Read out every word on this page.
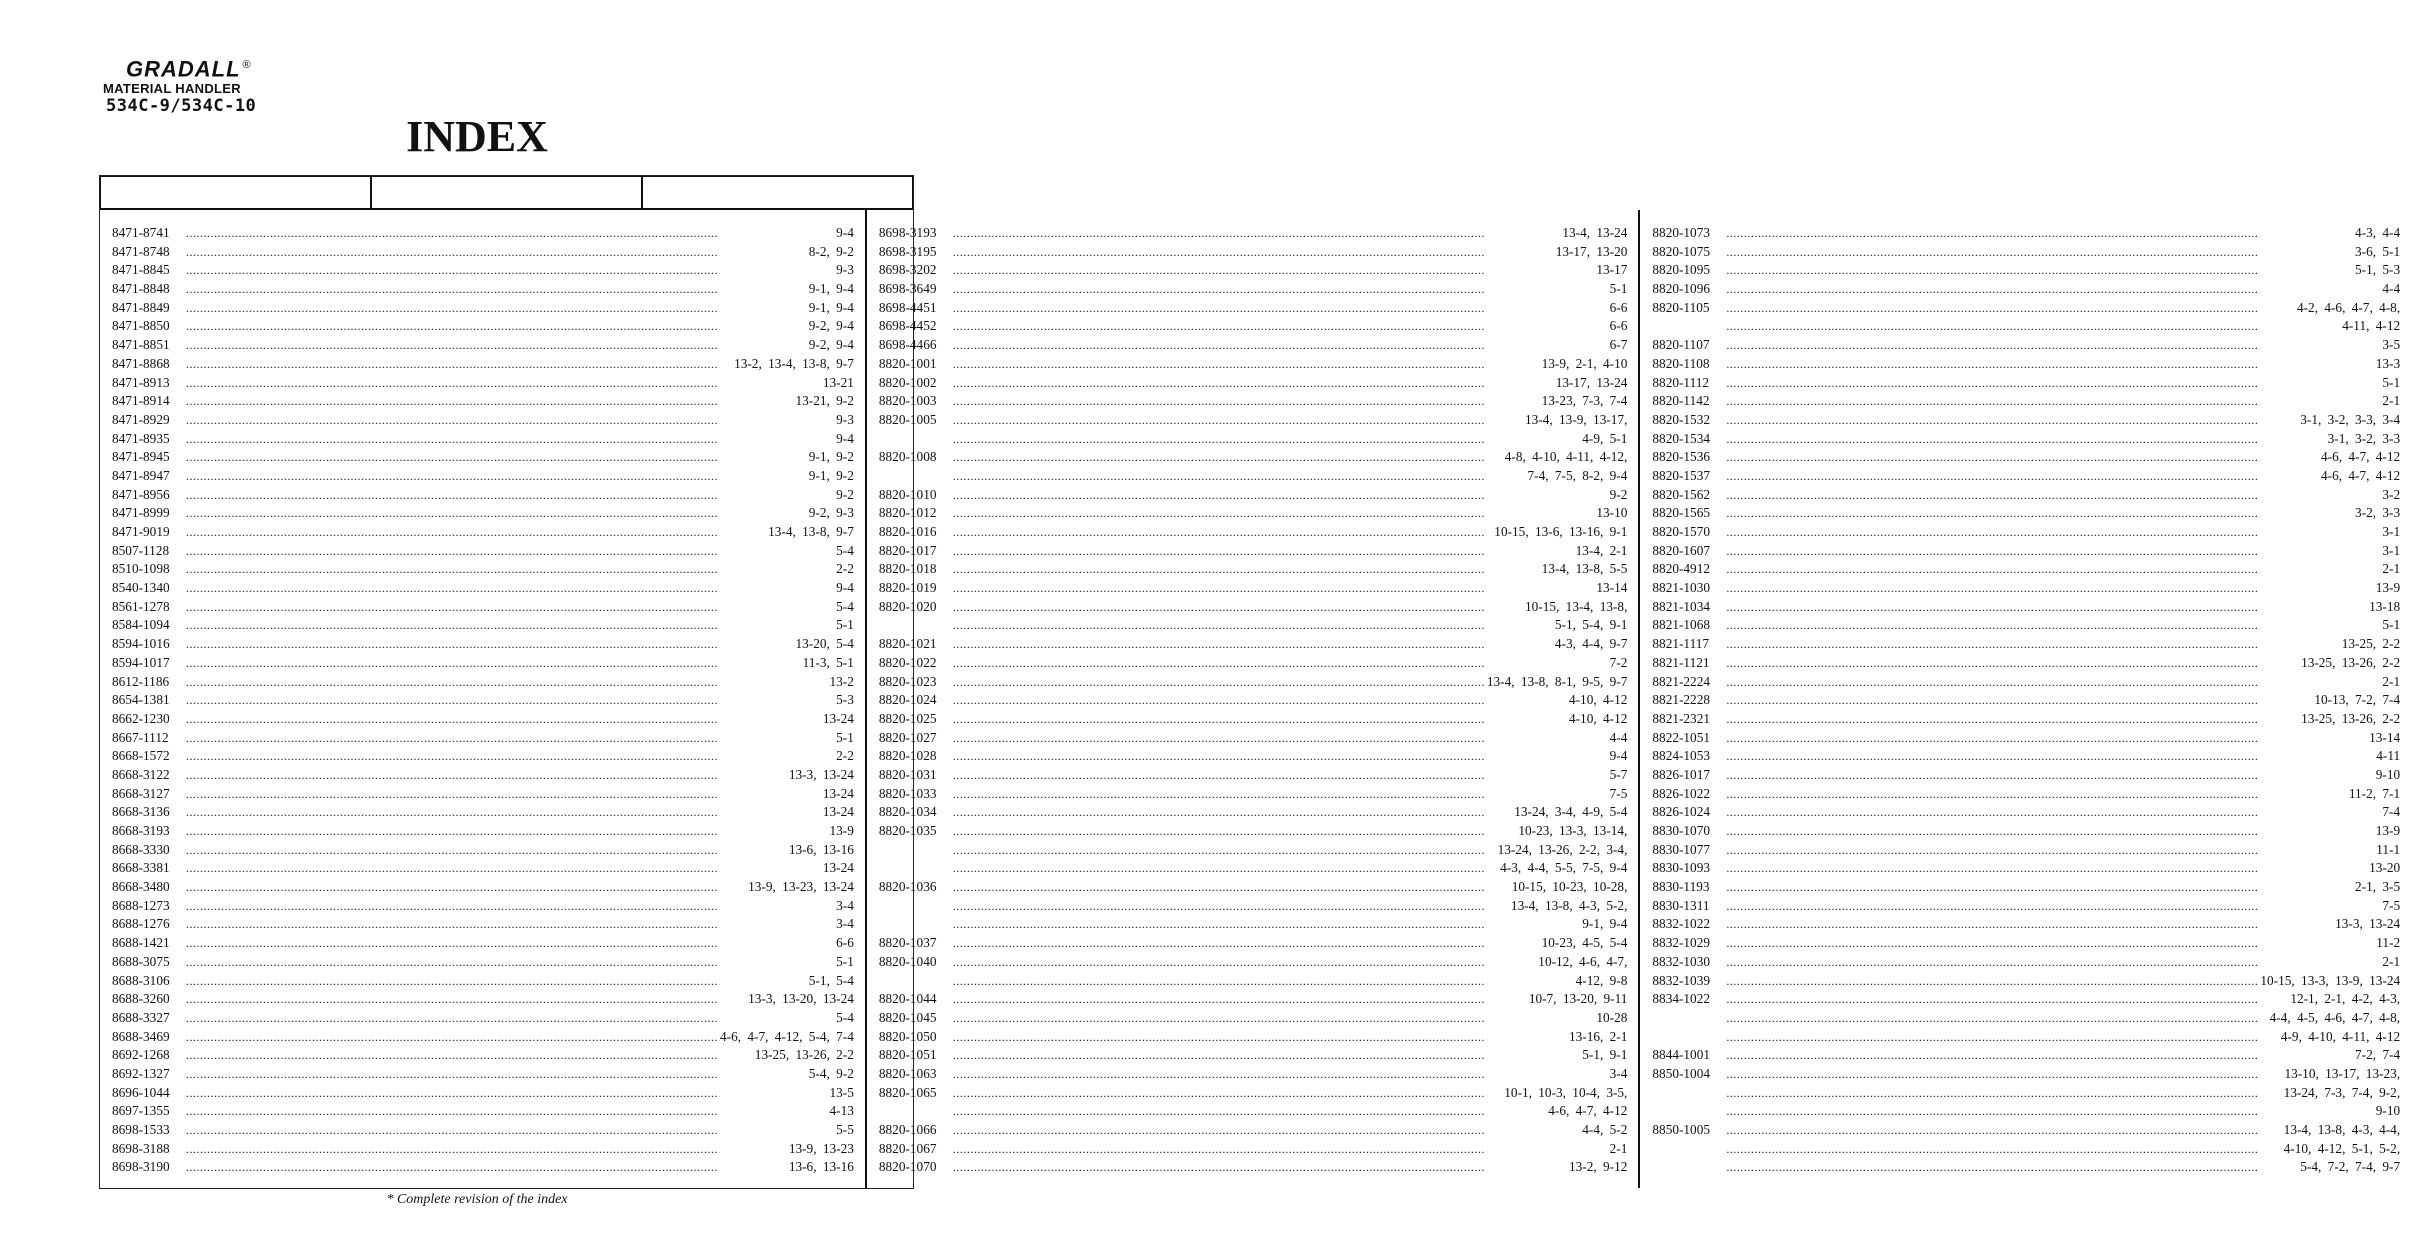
GRADALL ®
MATERIAL HANDLER
534C-9/534C-10
INDEX
8471-8741 .....	9-4
8471-8748 .....	8-2, 9-2
8471-8845 .....	9-3
8471-8848 .....	9-1, 9-4
8471-8849 .....	9-1, 9-4
8471-8850 .....	9-2, 9-4
8471-8851 .....	9-2, 9-4
8471-8868 .....	13-2, 13-4, 13-8, 9-7
8471-8913 .....	13-21
8471-8914 .....	13-21, 9-2
8471-8929 .....	9-3
8471-8935 .....	9-4
8471-8945 .....	9-1, 9-2
8471-8947 .....	9-1, 9-2
8471-8956 .....	9-2
8471-8999 .....	9-2, 9-3
8471-9019 .....	13-4, 13-8, 9-7
8507-1128 .....	5-4
8510-1098 .....	2-2
8540-1340 .....	9-4
8561-1278 .....	5-4
8584-1094 .....	5-1
8594-1016 .....	13-20, 5-4
8594-1017 .....	11-3, 5-1
8612-1186 .....	13-2
8654-1381 .....	5-3
8662-1230 .....	13-24
8667-1112 .....	5-1
8668-1572 .....	2-2
8668-3122 .....	13-3, 13-24
8668-3127 .....	13-24
8668-3136 .....	13-24
8668-3193 .....	13-9
8668-3330 .....	13-6, 13-16
8668-3381 .....	13-24
8668-3480 .....	13-9, 13-23, 13-24
8688-1273 .....	3-4
8688-1276 .....	3-4
8688-1421 .....	6-6
8688-3075 .....	5-1
8688-3106 .....	5-1, 5-4
8688-3260 .....	13-3, 13-20, 13-24
8688-3327 .....	5-4
8688-3469 .....	4-6, 4-7, 4-12, 5-4, 7-4
8692-1268 .....	13-25, 13-26, 2-2
8692-1327 .....	5-4, 9-2
8696-1044 .....	13-5
8697-1355 .....	4-13
8698-1533 .....	5-5
8698-3188 .....	13-9, 13-23
8698-3190 .....	13-6, 13-16
8698-3193 .....	13-4, 13-24
8698-3195 .....	13-17, 13-20
8698-3202 .....	13-17
8698-3649 .....	5-1
8698-4451 .....	6-6
8698-4452 .....	6-6
8698-4466 .....	6-7
8820-1001 .....	13-9, 2-1, 4-10
8820-1002 .....	13-17, 13-24
8820-1003 .....	13-23, 7-3, 7-4
8820-1005 .....	13-4, 13-9, 13-17,
.....
4-9, 5-1
8820-1008 .....	4-8, 4-10, 4-11, 4-12,
.....
7-4, 7-5, 8-2, 9-4
8820-1010 .....	9-2
8820-1012 .....	13-10
8820-1016 .....	10-15, 13-6, 13-16, 9-1
8820-1017 .....	13-4, 2-1
8820-1018 .....	13-4, 13-8, 5-5
8820-1019 .....	13-14
8820-1020 .....	10-15, 13-4, 13-8,
.....
5-1, 5-4, 9-1
8820-1021 .....	4-3, 4-4, 9-7
8820-1022 .....	7-2
8820-1023 .....	13-4, 13-8, 8-1, 9-5, 9-7
8820-1024 .....	4-10, 4-12
8820-1025 .....	4-10, 4-12
8820-1027 .....	4-4
8820-1028 .....	9-4
8820-1031 .....	5-7
8820-1033 .....	7-5
8820-1034 .....	13-24, 3-4, 4-9, 5-4
8820-1035 .....	10-23, 13-3, 13-14,
.....
13-24, 13-26, 2-2, 3-4,
.....
4-3, 4-4, 5-5, 7-5, 9-4
8820-1036 .....	10-15, 10-23, 10-28,
.....
13-4, 13-8, 4-3, 5-2,
.....
9-1, 9-4
8820-1037 .....	10-23, 4-5, 5-4
8820-1040 .....	10-12, 4-6, 4-7,
.....
4-12, 9-8
8820-1044 .....	10-7, 13-20, 9-11
8820-1045 .....	10-28
8820-1050 .....	13-16, 2-1
8820-1051 .....	5-1, 9-1
8820-1063 .....	3-4
8820-1065 .....	10-1, 10-3, 10-4, 3-5,
.....
4-6, 4-7, 4-12
8820-1066 .....	4-4, 5-2
8820-1067 .....	2-1
8820-1070 .....	13-2, 9-12
8820-1073 .....	4-3, 4-4
8820-1075 .....	3-6, 5-1
8820-1095 .....	5-1, 5-3
8820-1096 .....	4-4
8820-1105 .....	4-2, 4-6, 4-7, 4-8,
.....
4-11, 4-12
8820-1107 .....	3-5
8820-1108 .....	13-3
8820-1112 .....	5-1
8820-1142 .....	2-1
8820-1532 .....	3-1, 3-2, 3-3, 3-4
8820-1534 .....	3-1, 3-2, 3-3
8820-1536 .....	4-6, 4-7, 4-12
8820-1537 .....	4-6, 4-7, 4-12
8820-1562 .....	3-2
8820-1565 .....	3-2, 3-3
8820-1570 .....	3-1
8820-1607 .....	3-1
8820-4912 .....	2-1
8821-1030 .....	13-9
8821-1034 .....	13-18
8821-1068 .....	5-1
8821-1117 .....	13-25, 2-2
8821-1121 .....	13-25, 13-26, 2-2
8821-2224 .....	2-1
8821-2228 .....	10-13, 7-2, 7-4
8821-2321 .....	13-25, 13-26, 2-2
8822-1051 .....	13-14
8824-1053 .....	4-11
8826-1017 .....	9-10
8826-1022 .....	11-2, 7-1
8826-1024 .....	7-4
8830-1070 .....	13-9
8830-1077 .....	11-1
8830-1093 .....	13-20
8830-1193 .....	2-1, 3-5
8830-1311 .....	7-5
8832-1022 .....	13-3, 13-24
8832-1029 .....	11-2
8832-1030 .....	2-1
8832-1039 .....	10-15, 13-3, 13-9, 13-24
8834-1022 .....	12-1, 2-1, 4-2, 4-3,
.....
4-4, 4-5, 4-6, 4-7, 4-8,
.....
4-9, 4-10, 4-11, 4-12
8844-1001 .....	7-2, 7-4
8850-1004 .....	13-10, 13-17, 13-23,
.....
13-24, 7-3, 7-4, 9-2,
.....
9-10
8850-1005 .....	13-4, 13-8, 4-3, 4-4,
.....
4-10, 4-12, 5-1, 5-2,
.....
5-4, 7-2, 7-4, 9-7
* Complete revision of the index
